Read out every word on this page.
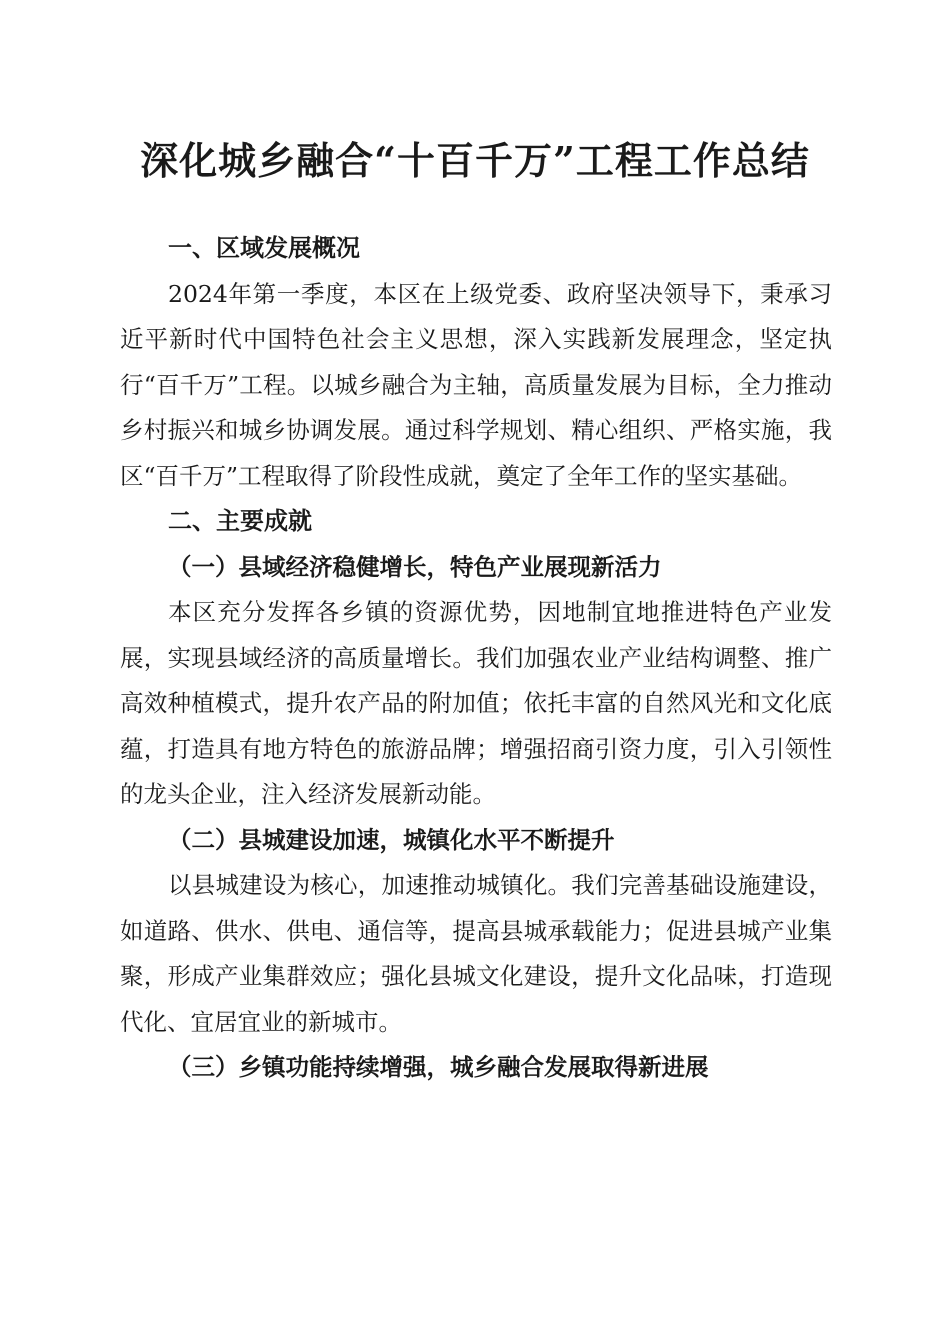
深化城乡融合“十百千万”工程工作总结

一、区域发展概况

2024年第一季度，本区在上级党委、政府坚决领导下，秉承习近平新时代中国特色社会主义思想，深入实践新发展理念，坚定执行“百千万”工程。以城乡融合为主轴，高质量发展为目标，全力推动乡村振兴和城乡协调发展。通过科学规划、精心组织、严格实施，我区“百千万”工程取得了阶段性成就，奠定了全年工作的坚实基础。

二、主要成就

（一）县域经济稳健增长，特色产业展现新活力

本区充分发挥各乡镇的资源优势，因地制宜地推进特色产业发展，实现县域经济的高质量增长。我们加强农业产业结构调整、推广高效种植模式，提升农产品的附加值；依托丰富的自然风光和文化底蕴，打造具有地方特色的旅游品牌；增强招商引资力度，引入引领性的龙头企业，注入经济发展新动能。

（二）县城建设加速，城镇化水平不断提升

以县城建设为核心，加速推动城镇化。我们完善基础设施建设，如道路、供水、供电、通信等，提高县城承载能力；促进县城产业集聚，形成产业集群效应；强化县城文化建设，提升文化品味，打造现代化、宜居宜业的新城市。

（三）乡镇功能持续增强，城乡融合发展取得新进展
